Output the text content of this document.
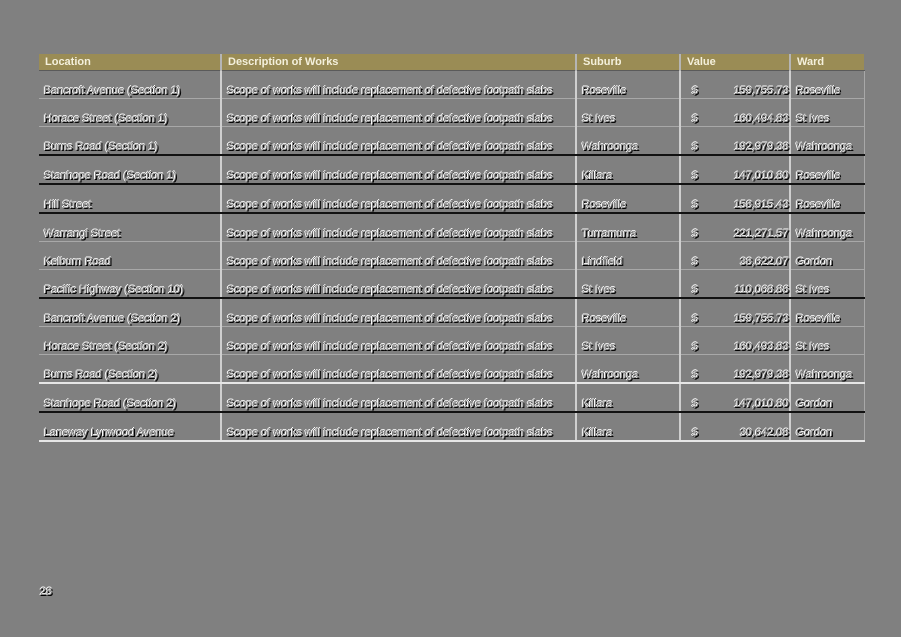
Location	Description of Works	Suburb	Value	Ward
Bancroft Avenue (Section 1)	Scope of works will include replacement of defective footpath slabs	Roseville	$ 159,755.73	Roseville
Horace Street (Section 1)	Scope of works will include replacement of defective footpath slabs	St Ives	$ 160,494.83	St Ives
Burns Road (Section 1)	Scope of works will include replacement of defective footpath slabs	Wahroonga	$ 192,979.38	Wahroonga
Stanhope Road (Section 1)	Scope of works will include replacement of defective footpath slabs	Killara	$ 147,010.80	Roseville
Hill Street	Scope of works will include replacement of defective footpath slabs	Roseville	$ 158,915.43	Roseville
Warrangi Street	Scope of works will include replacement of defective footpath slabs	Turramurra	$ 221,271.57	Wahroonga
Kelburn Road	Scope of works will include replacement of defective footpath slabs	Lindfield	$ 38,622.07	Gordon
Pacific Highway (Section 10)	Scope of works will include replacement of defective footpath slabs	St Ives	$ 110,068.86	St Ives
Bancroft Avenue (Section 2)	Scope of works will include replacement of defective footpath slabs	Roseville	$ 159,755.73	Roseville
Horace Street (Section 2)	Scope of works will include replacement of defective footpath slabs	St Ives	$ 160,493.83	St Ives
Burns Road (Section 2)	Scope of works will include replacement of defective footpath slabs	Wahroonga	$ 192,979.38	Wahroonga
Stanhope Road (Section 2)	Scope of works will include replacement of defective footpath slabs	Killara	$ 147,010.80	Gordon
Laneway Lynwood Avenue	Scope of works will include replacement of defective footpath slabs	Killara	$ 30,642.08	Gordon
28
